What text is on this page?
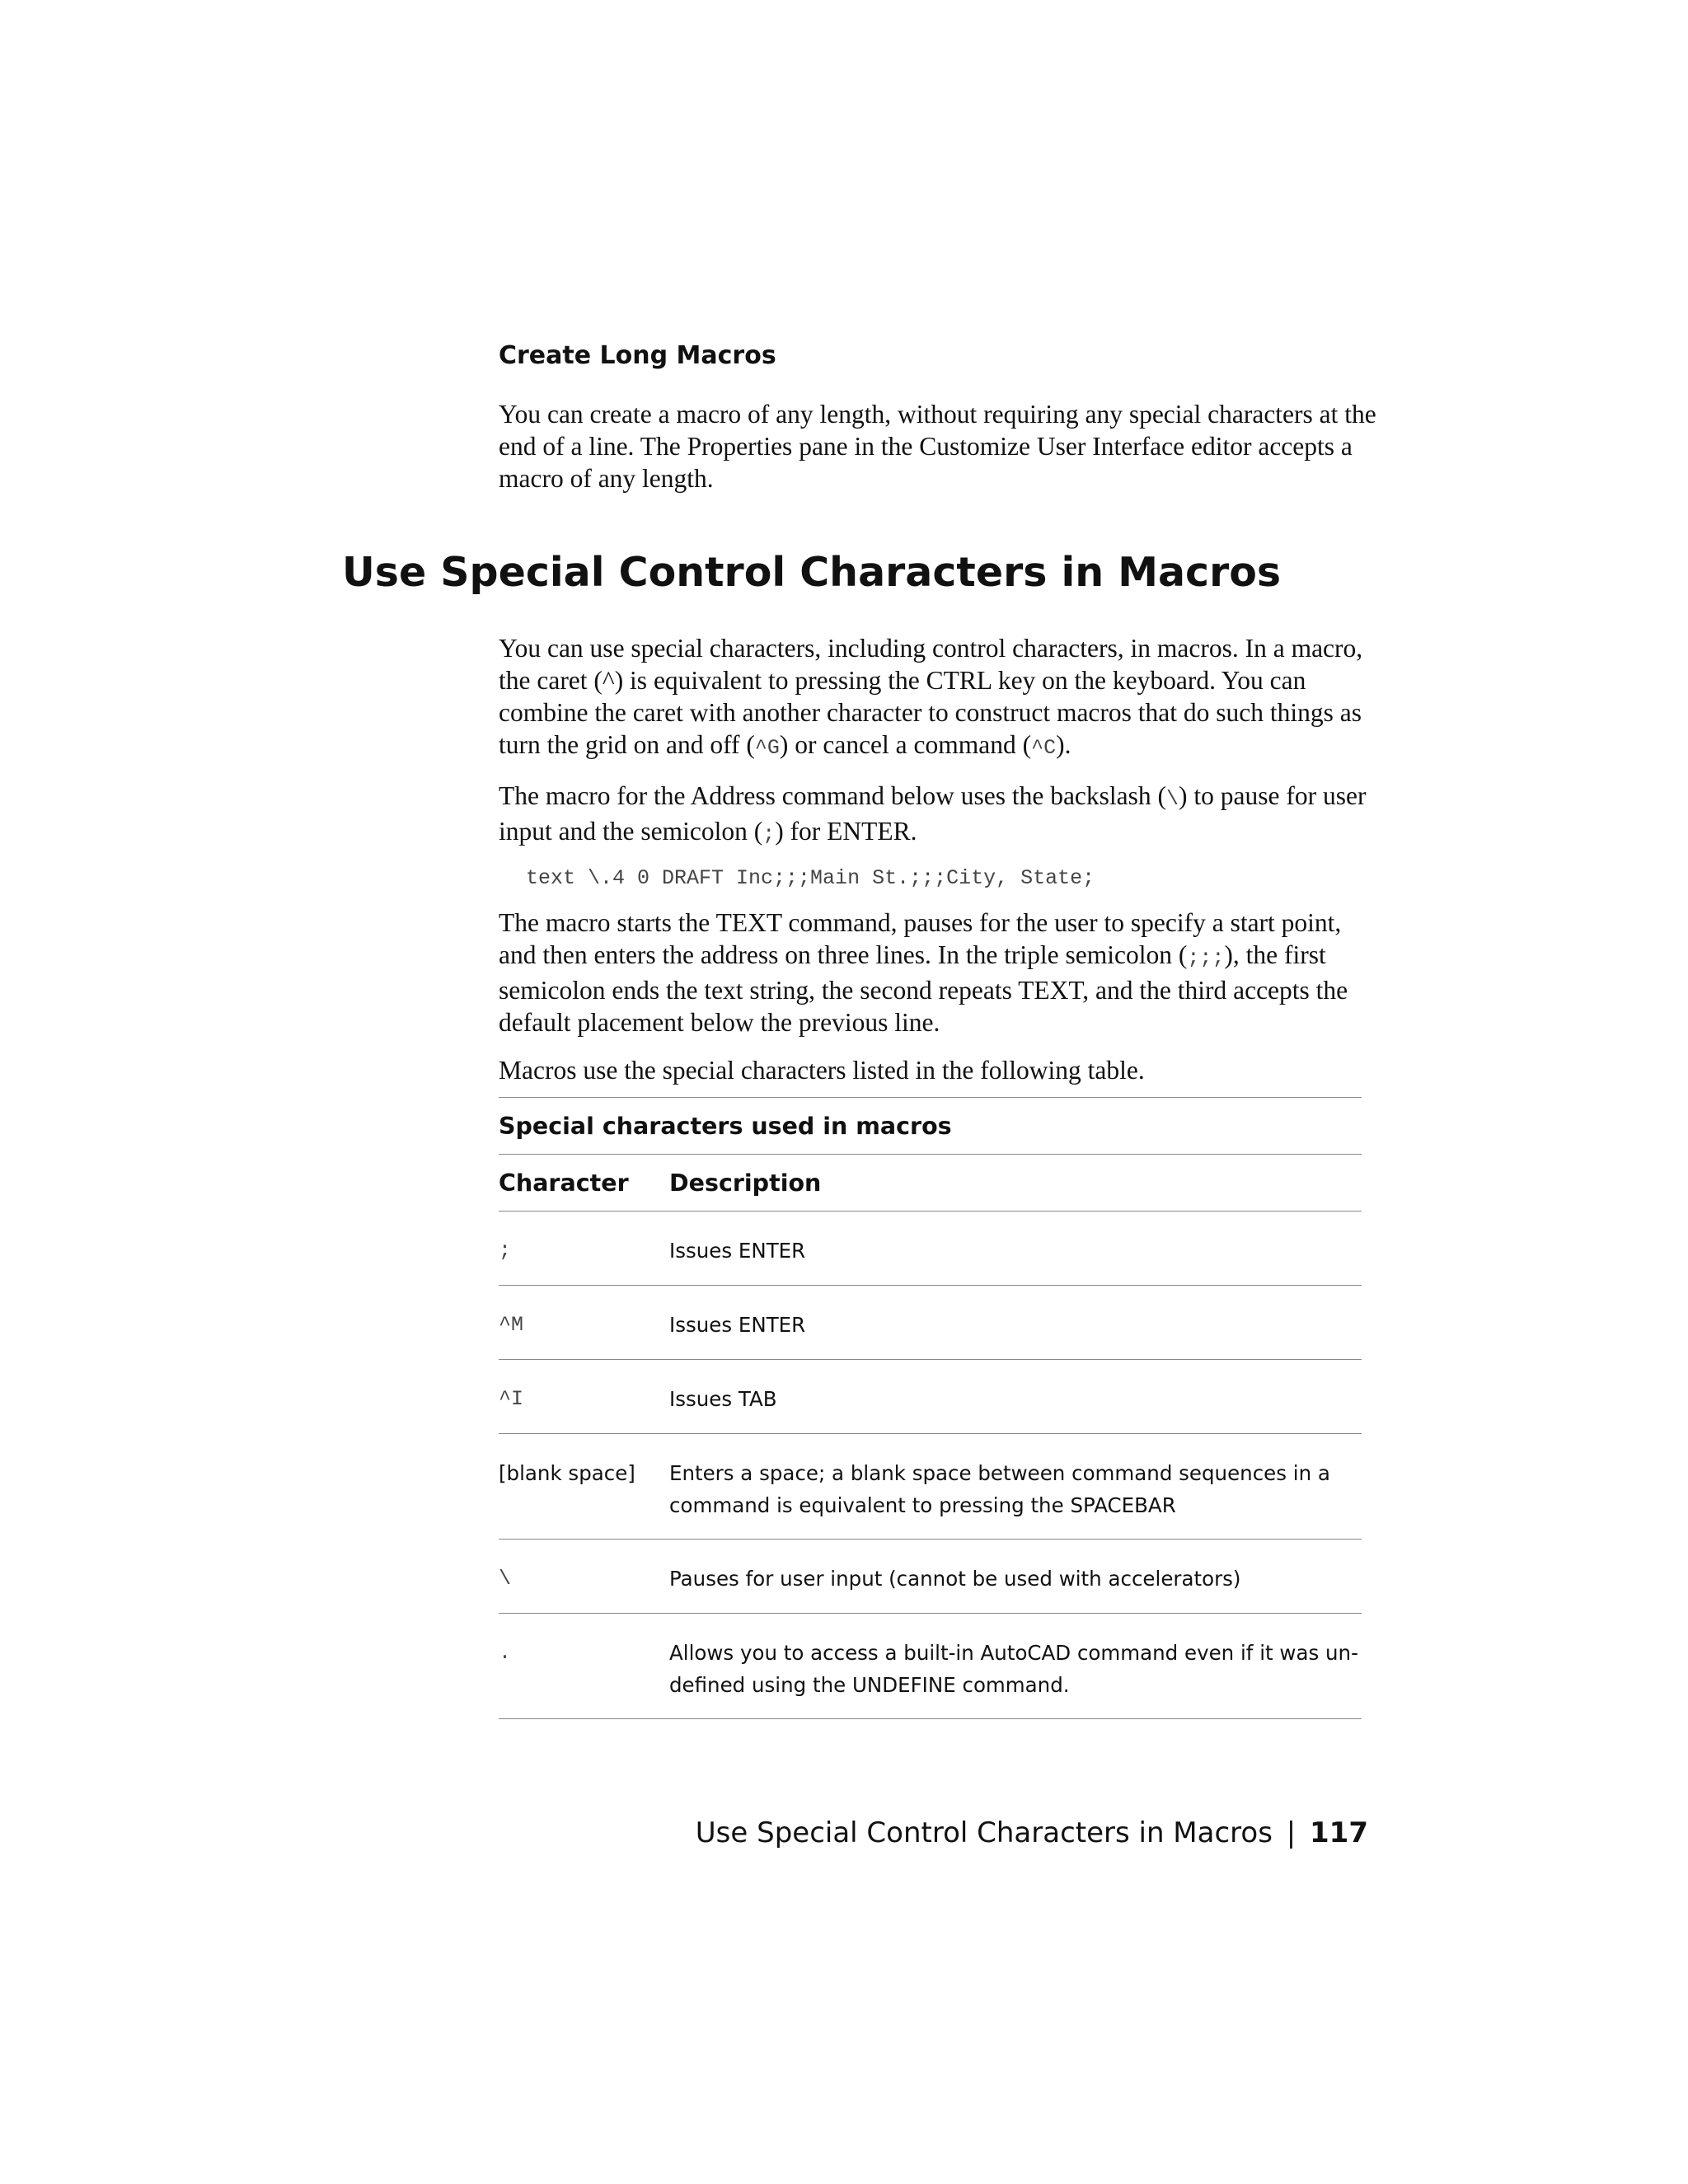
Create Long Macros

You can create a macro of any length, without requiring any special characters at the end of a line. The Properties pane in the Customize User Interface editor accepts a macro of any length.

Use Special Control Characters in Macros

You can use special characters, including control characters, in macros. In a macro, the caret (^) is equivalent to pressing the CTRL key on the keyboard. You can combine the caret with another character to construct macros that do such things as turn the grid on and off (^G) or cancel a command (^C).

The macro for the Address command below uses the backslash (\) to pause for user input and the semicolon (;) for ENTER.

text \.4 0 DRAFT Inc;;;Main St.;;;City, State;

The macro starts the TEXT command, pauses for the user to specify a start point, and then enters the address on three lines. In the triple semicolon (;;;), the first semicolon ends the text string, the second repeats TEXT, and the third accepts the default placement below the previous line.

Macros use the special characters listed in the following table.

Special characters used in macros
Character	Description
;	Issues ENTER
^M	Issues ENTER
^I	Issues TAB
[blank space]	Enters a space; a blank space between command sequences in a command is equivalent to pressing the SPACEBAR
\	Pauses for user input (cannot be used with accelerators)
.	Allows you to access a built-in AutoCAD command even if it was un-defined using the UNDEFINE command.
Use Special Control Characters in Macros | 117
